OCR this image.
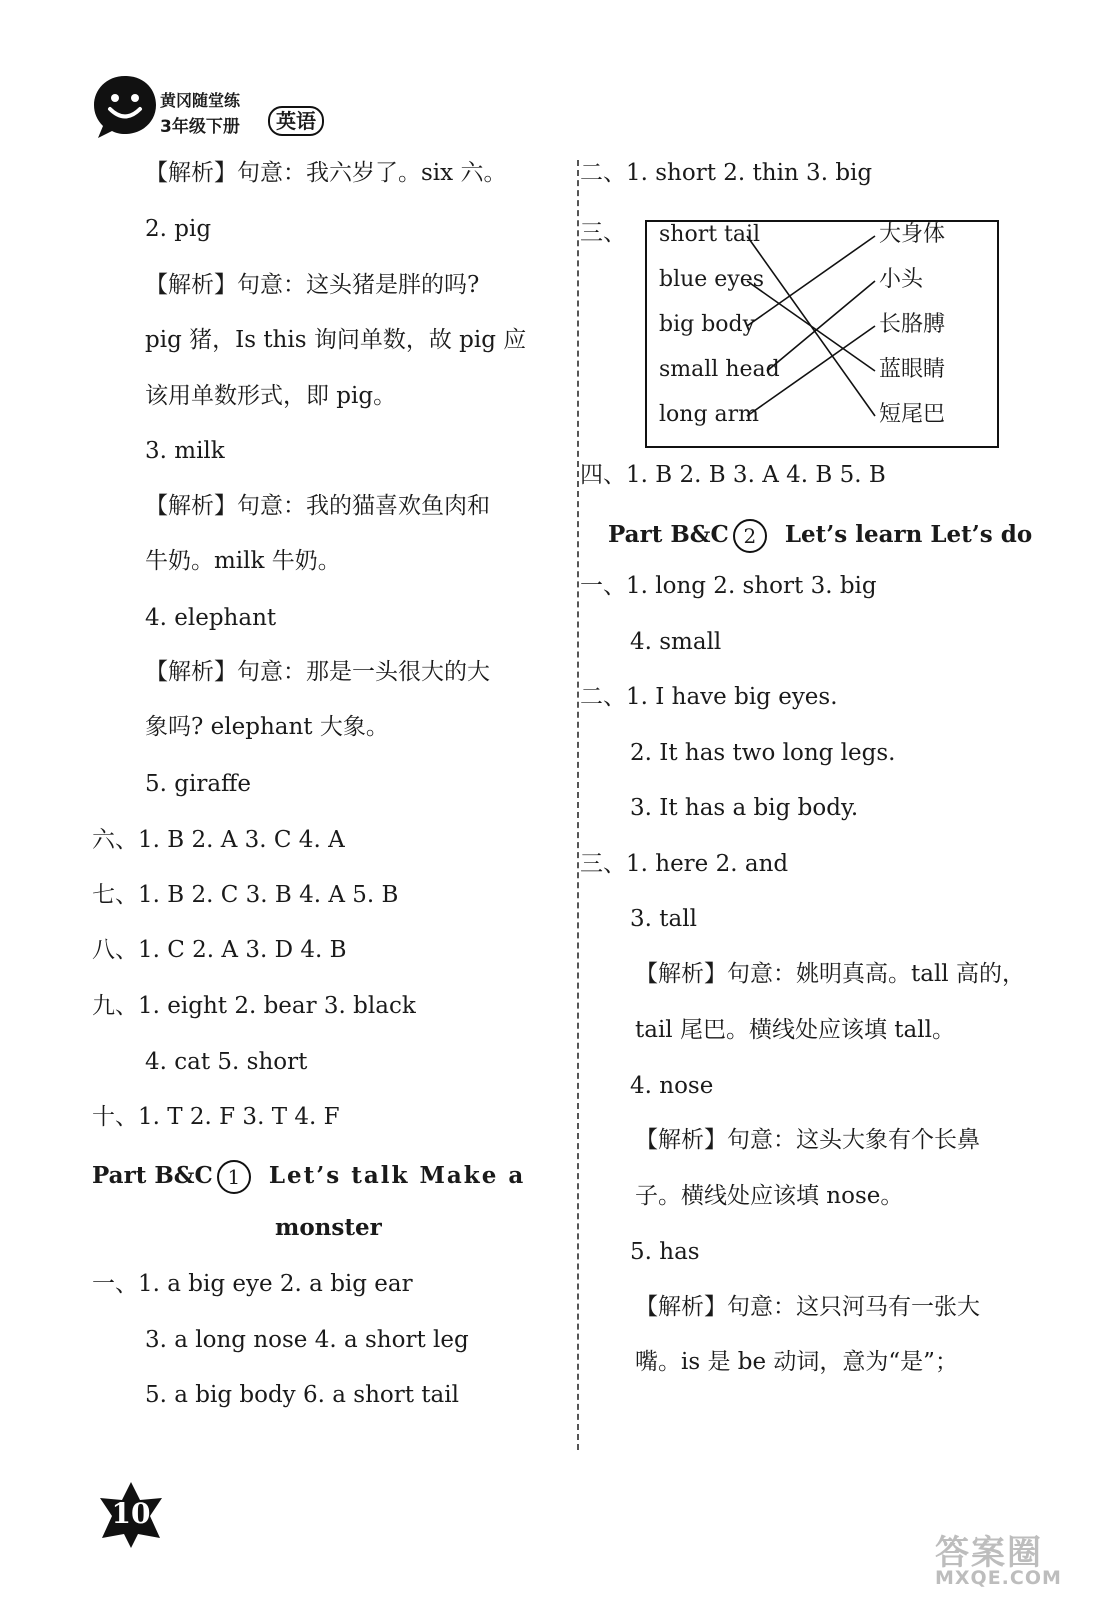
黄冈随堂练
3年级下册	英语
【解析】句意：我六岁了。six 六。
2. pig
【解析】句意：这头猪是胖的吗?
pig 猪，Is this 询问单数，故 pig 应
该用单数形式，即 pig。
3. milk
【解析】句意：我的猫喜欢鱼肉和
牛奶。milk 牛奶。
4. elephant
【解析】句意：那是一头很大的大
象吗? elephant 大象。
5. giraffe
六、1. B 2. A 3. C 4. A
七、1. B 2. C 3. B 4. A 5. B
八、1. C 2. A 3. D 4. B
九、1. eight 2. bear 3. black
4. cat 5. short
十、1. T 2. F 3. T 4. F
Part B&C 1 Let’s talk Make a
monster
一、1. a big eye 2. a big ear
3. a long nose 4. a short leg
5. a big body 6. a short tail
二、1. short 2. thin 3. big
三、 short tail
blue eyes
big body
small head
long arm
大身体
小头
长胳膊
蓝眼睛
短尾巴
四、1. B 2. B 3. A 4. B 5. B
Part B&C 2 Let’s learn Let’s do
一、1. long 2. short 3. big
4. small
二、1. I have big eyes.
2. It has two long legs.
3. It has a big body.
三、1. here 2. and
3. tall
【解析】句意：姚明真高。tall 高的，
tail 尾巴。横线处应该填 tall。
4. nose
【解析】句意：这头大象有个长鼻
子。横线处应该填 nose。
5. has
【解析】句意：这只河马有一张大
嘴。is 是 be 动词，意为“是”；
10
答案圈
MXQE.COM
